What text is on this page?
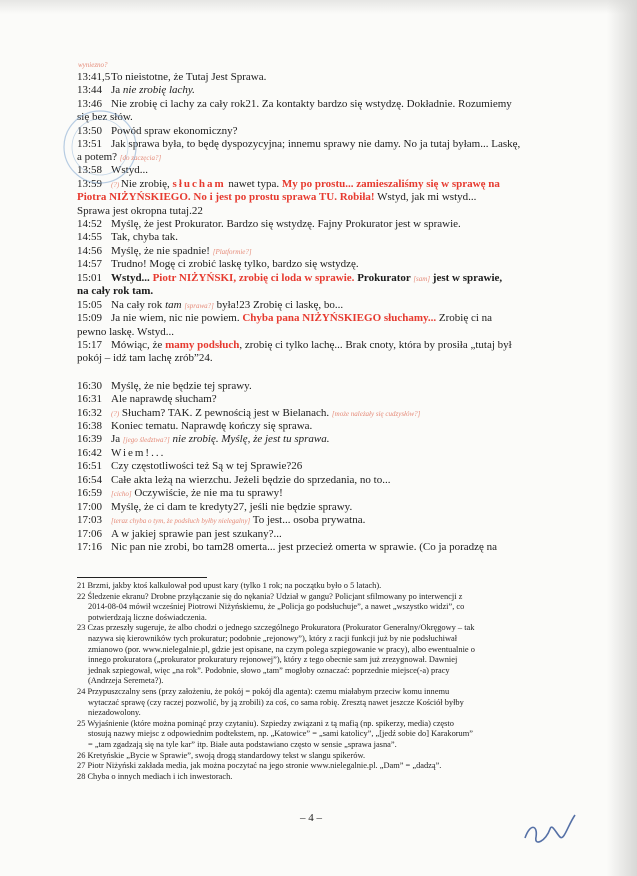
wyniezno?
13:41,5To nieistotne, że Tutaj Jest Sprawa.
13:44 Ja nie zrobię lachy.
13:46 Nie zrobię ci lachy za cały rok21. Za kontakty bardzo się wstydzę. Dokładnie. Rozumiemy
się bez słów.
13:50 Powód spraw ekonomiczny?
13:51 Jak sprawa była, to będę dyspozycyjna; innemu sprawy nie damy. No ja tutaj byłam... Laskę,
a potem? [do zaczęcia?]
13:58 Wstyd...
13:59 (?) Nie zrobię, słucham nawet typa. My po prostu... zamieszaliśmy się w sprawę na
Piotra NIŻYŃSKIEGO. No i jest po prostu sprawa TU. Robiła! Wstyd, jak mi wstyd...
Sprawa jest okropna tutaj.22
14:52 Myślę, że jest Prokurator. Bardzo się wstydzę. Fajny Prokurator jest w sprawie.
14:55 Tak, chyba tak.
14:56 Myślę, że nie spadnie! [Platformie?]
14:57 Trudno! Mogę ci zrobić laskę tylko, bardzo się wstydzę.
15:01 Wstyd... Piotr NIŻYŃSKI, zrobię ci loda w sprawie. Prokurator [sam] jest w sprawie,
na cały rok tam.
15:05 Na cały rok tam [sprawa?] była!23 Zrobię ci laskę, bo...
15:09 Ja nie wiem, nic nie powiem. Chyba pana NIŻYŃSKIEGO słuchamy... Zrobię ci na
pewno laskę. Wstyd...
15:17 Mówiąc, że mamy podsłuch, zrobię ci tylko lachę... Brak cnoty, która by prosiła „tutaj był
pokój – idź tam lachę zrób”24.
16:30 Myślę, że nie będzie tej sprawy.
16:31 Ale naprawdę słucham?
16:32 (?) Słucham? TAK. Z pewnością jest w Bielanach. [może należały się cudzysłów?]
16:38 Koniec tematu. Naprawdę kończy się sprawa.
16:39 Ja [jego śledztwa?] nie zrobię. Myślę, że jest tu sprawa.
16:42 Wiem!...
16:51 Czy częstotliwości też Są w tej Sprawie?26
16:54 Całe akta leżą na wierzchu. Jeżeli będzie do sprzedania, no to...
16:59 [cicho] Oczywiście, że nie ma tu sprawy!
17:00 Myślę, że ci dam te kredyty27, jeśli nie będzie sprawy.
17:03 [teraz chyba o tym, że podsłuch byłby nielegalny] To jest... osoba prywatna.
17:06 A w jakiej sprawie pan jest szukany?...
17:16 Nic pan nie zrobi, bo tam28 omerta... jest przecież omerta w sprawie. (Co ja poradzę na
21 Brzmi, jakby ktoś kalkulował pod upust kary (tylko 1 rok; na początku było o 5 latach).
22 Śledzenie ekranu? Drobne przyłączanie się do nękania? Udział w gangu? Policjant sfilmowany po interwencji z
2014-08-04 mówił wcześniej Piotrowi Niżyńskiemu, że „Policja go podsłuchuje”, a nawet „wszystko widzi”, co
potwierdzają liczne doświadczenia.
23 Czas przeszły sugeruje, że albo chodzi o jednego szczególnego Prokuratora (Prokurator Generalny/Okręgowy – tak
nazywa się kierowników tych prokuratur; podobnie „rejonowy”), który z racji funkcji już by nie podsłuchiwał
zmianowo (por. www.nielegalnie.pl, gdzie jest opisane, na czym polega szpiegowanie w pracy), albo ewentualnie o
innego prokuratora („prokurator prokuratury rejonowej”), który z tego obecnie sam już zrezygnował. Dawniej
jednak szpiegował, więc „na rok”. Podobnie, słowo „tam” mogłoby oznaczać: poprzednie miejsce(-a) pracy
(Andrzeja Seremeta?).
24 Przypuszczalny sens (przy założeniu, że pokój = pokój dla agenta): czemu miałabym przeciw komu innemu
wytaczać sprawę (czy raczej pozwolić, by ją zrobili) za coś, co sama robię. Zresztą nawet jeszcze Kościół byłby
niezadowolony.
25 Wyjaśnienie (które można pominąć przy czytaniu). Szpiedzy związani z tą mafią (np. spikerzy, media) często
stosują nazwy miejsc z odpowiednim podtekstem, np. „Katowice” = „sami katolicy”, „[jedź sobie do] Karakorum”
= „tam zgadzają się na tyle kar” itp. Białe auta podstawiano często w sensie „sprawa jasna”.
26 Kretyńskie „Bycie w Sprawie”, swoją drogą standardowy tekst w slangu spikerów.
27 Piotr Niżyński zakłada media, jak można poczytać na jego stronie www.nielegalnie.pl. „Dam” = „dadzą”.
28 Chyba o innych mediach i ich inwestorach.
– 4 –
